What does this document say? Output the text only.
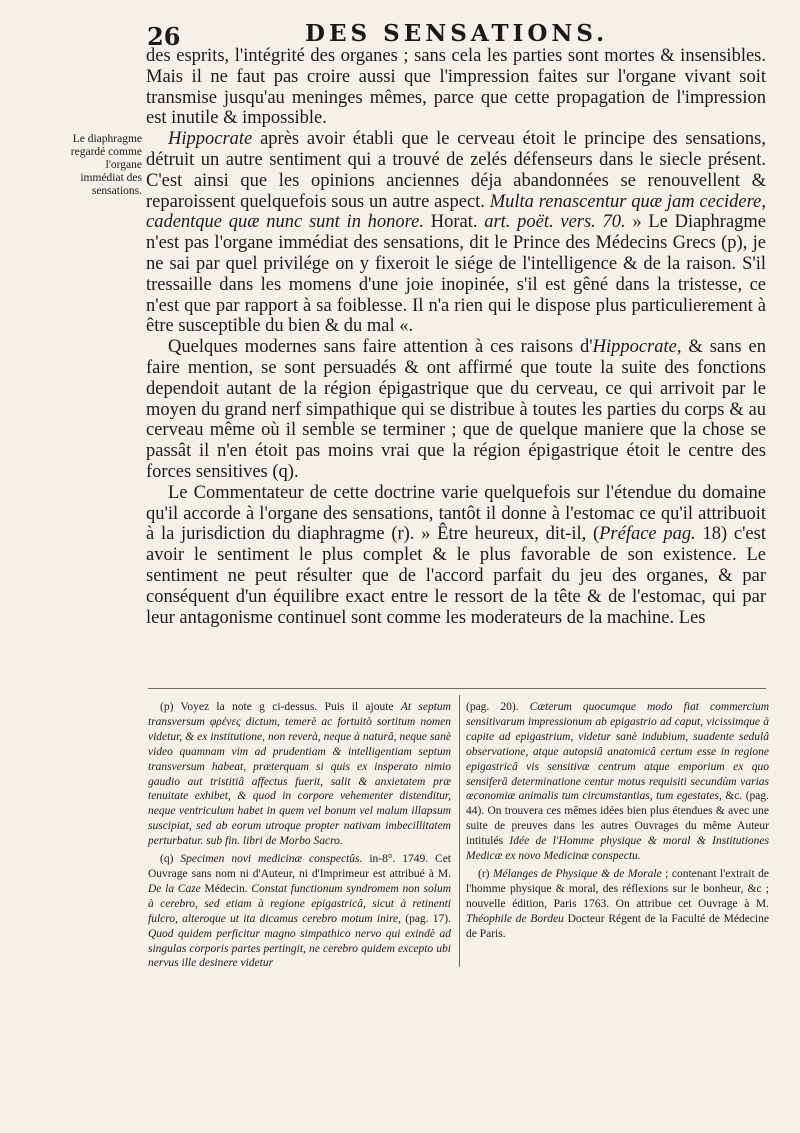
26	DES SENSATIONS.
Le diaphragme regardé comme l'organe immédiat des sensations.

des esprits, l'intégrité des organes ; sans cela les parties sont mortes & insensibles. Mais il ne faut pas croire aussi que l'impression faites sur l'organe vivant soit transmise jusqu'au meninges mêmes, parce que cette propagation de l'impression est inutile & impossible.

Hippocrate après avoir établi que le cerveau étoit le principe des sensations, détruit un autre sentiment qui a trouvé de zelés défenseurs dans le siecle présent. C'est ainsi que les opinions anciennes déja abandonnées se renouvellent & reparoissent quelquefois sous un autre aspect. Multa renascentur quæ jam cecidere, cadentque quæ nunc sunt in honore. Horat. art. poët. vers. 70. » Le Diaphragme n'est pas l'organe immédiat des sensations, dit le Prince des Médecins Grecs (p), je ne sai par quel privilége on y fixeroit le siége de l'intelligence & de la raison. S'il tressaille dans les momens d'une joie inopinée, s'il est gêné dans la tristesse, ce n'est que par rapport à sa foiblesse. Il n'a rien qui le dispose plus particulierement à être susceptible du bien & du mal «.

Quelques modernes sans faire attention à ces raisons d'Hippocrate, & sans en faire mention, se sont persuadés & ont affirmé que toute la suite des fonctions dependoit autant de la région épigastrique que du cerveau, ce qui arrivoit par le moyen du grand nerf simpathique qui se distribue à toutes les parties du corps & au cerveau même où il semble se terminer ; que de quelque maniere que la chose se passât il n'en étoit pas moins vrai que la région épigastrique étoit le centre des forces sensitives (q).

Le Commentateur de cette doctrine varie quelquefois sur l'étendue du domaine qu'il accorde à l'organe des sensations, tantôt il donne à l'estomac ce qu'il attribuoit à la jurisdiction du diaphragme (r). » Être heureux, dit-il, (Préface pag. 18) c'est avoir le sentiment le plus complet & le plus favorable de son existence. Le sentiment ne peut résulter que de l'accord parfait du jeu des organes, & par conséquent d'un équilibre exact entre le ressort de la tête & de l'estomac, qui par leur antagonisme continuel sont comme les moderateurs de la machine. Les

(p) Voyez la note g ci-dessus. Puis il ajoute At septum transversum φρένες dictum, temerè ac fortuitò sortitum nomen videtur, & ex institutione, non reverà, neque à naturâ, neque sanè video quamnam vim ad prudentiam & intelligentiam septum transversum habeat, præterquam si quis ex insperato nimio gaudio aut tristitiâ affectus fuerit, salit & anxietatem præ tenuitate exhibet, & quod in corpore vehementer distenditur, neque ventriculum habet in quem vel bonum vel malum illapsum suscipiat, sed ab eorum utroque propter nativam imbecillitatem perturbatur. sub fin. libri de Morbo Sacro.

(q) Specimen novi medicinæ conspectûs. in-8°. 1749. Cet Ouvrage sans nom ni d'Auteur, ni d'Imprimeur est attribué à M. De la Caze Médecin. Constat functionum syndromem non solum à cerebro, sed etiam à regione epigastricâ, sicut à retinenti fulcro, alteroque ut ita dicamus cerebro motum inire, (pag. 17). Quod quidem perficitur magno simpathico nervo qui exindè ad singulas corporis partes pertingit, ne cerebro quidem excepto ubi nervus ille desinere videtur

(pag. 20). Cæterum quocumque modo fiat commercium sensitivarum impressionum ab epigastrio ad caput, vicissimque à capite ad epigastrium, videtur sanè indubium, suadente sedulâ observatione, atque autopsiâ anatomicâ certum esse in regione epigastricâ vis sensitivæ centrum atque emporium ex quo sensiferâ determinatione centur motus requisiti secundùm varias œconomiæ animalis tum circumstantias, tum egestates, &c. (pag. 44). On trouvera ces mêmes idées bien plus étendues & avec une suite de preuves dans les autres Ouvrages du même Auteur intitulés Idée de l'Homme physique & moral & Institutiones Medicæ ex novo Medicinæ conspectu.

(r) Mélanges de Physique & de Morale ; contenant l'extrait de l'homme physique & moral, des réflexions sur le bonheur, &c ; nouvelle édition, Paris 1763. On attribue cet Ouvrage à M. Théophile de Bordeu Docteur Régent de la Faculté de Médecine de Paris.
